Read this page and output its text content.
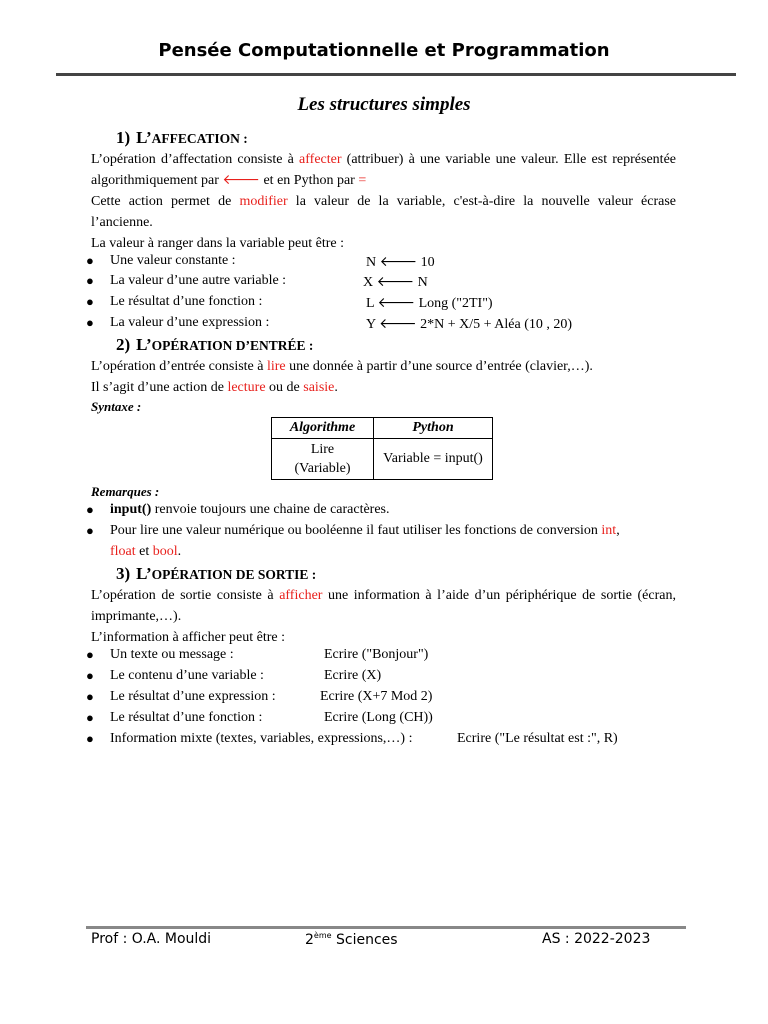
Pensée Computationnelle et Programmation
Les structures simples
1) L’AFFECATION :
L’opération d’affectation consiste à affecter (attribuer) à une variable une valeur. Elle est représentée algorithmiquement par 🡐 et en Python par =
Cette action permet de modifier la valeur de la variable, c'est-à-dire la nouvelle valeur écrase l’ancienne.
La valeur à ranger dans la variable peut être :
● Une valeur constante :	N 🡐 10
● La valeur d’une autre variable :	X 🡐 N
● Le résultat d’une fonction :	L 🡐 Long ("2TI")
● La valeur d’une expression :	Y 🡐 2*N + X/5 + Aléa (10 , 20)
2) L’OPÉRATION D’ENTRÉE :
L’opération d’entrée consiste à lire une donnée à partir d’une source d’entrée (clavier,…).
Il s’agit d’une action de lecture ou de saisie.
Syntaxe :
Algorithme	Python
Lire
(Variable)	Variable = input()
Remarques :
● input() renvoie toujours une chaine de caractères.
● Pour lire une valeur numérique ou booléenne il faut utiliser les fonctions de conversion int,
float et bool.
3) L’OPÉRATION DE SORTIE :
L’opération de sortie consiste à afficher une information à l’aide d’un périphérique de sortie (écran, imprimante,…).
L’information à afficher peut être :
● Un texte ou message :	Ecrire ("Bonjour")
● Le contenu d’une variable :	Ecrire (X)
● Le résultat d’une expression :	Ecrire (X+7 Mod 2)
● Le résultat d’une fonction :	Ecrire (Long (CH))
● Information mixte (textes, variables, expressions,…) :	Ecrire ("Le résultat est :", R)
Prof : O.A. Mouldi	2ème Sciences	AS : 2022-2023
